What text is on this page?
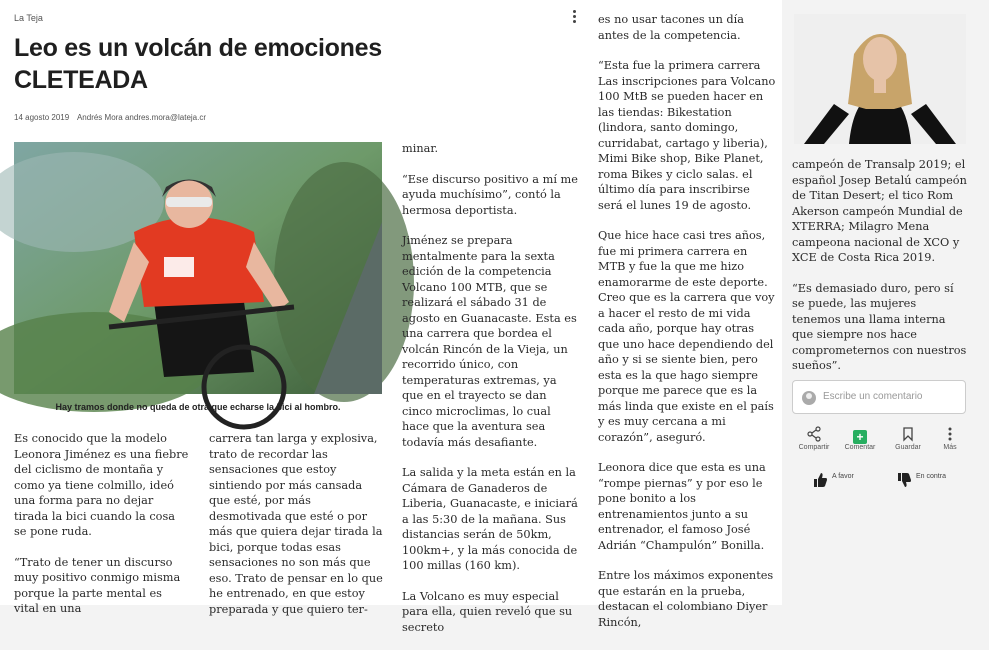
La Teja
Leo es un volcán de emociones CLETEADA
14 agosto 2019 Andrés Mora andres.mora@lateja.cr
Hay tramos donde no queda de otra que echarse la bici al hombro.

Es conocido que la modelo Leonora Jiménez es una fiebre del ciclismo de montaña y como ya tiene colmillo, ideó una forma para no dejar tirada la bici cuando la cosa se pone ruda.

“Trato de tener un discurso muy positivo conmigo misma porque la parte mental es vital en una

carrera tan larga y explosiva, trato de recordar las sensaciones que estoy sintiendo por más cansada que esté, por más desmotivada que esté o por más que quiera dejar tirada la bici, porque todas esas sensaciones no son más que eso. Trato de pensar en lo que he entrenado, en que estoy preparada y que quiero ter-

minar.

“Ese discurso positivo a mí me ayuda muchísimo”, contó la hermosa deportista.

Jiménez se prepara mentalmente para la sexta edición de la competencia Volcano 100 MTB, que se realizará el sábado 31 de agosto en Guanacaste. Esta es una carrera que bordea el volcán Rincón de la Vieja, un recorrido único, con temperaturas extremas, ya que en el trayecto se dan cinco microclimas, lo cual hace que la aventura sea todavía más desafiante.

La salida y la meta están en la Cámara de Ganaderos de Liberia, Guanacaste, e iniciará a las 5:30 de la mañana. Sus distancias serán de 50km, 100km+, y la más conocida de 100 millas (160 km).

La Volcano es muy especial para ella, quien reveló que su secreto

es no usar tacones un día antes de la competencia.

“Esta fue la primera carrera Las inscripciones para Volcano 100 MtB se pueden hacer en las tiendas: Bikestation (lindora, santo domingo, curridabat, cartago y liberia), Mimi Bike shop, Bike Planet, roma Bikes y ciclo salas. el último día para inscribirse será el lunes 19 de agosto.

Que hice hace casi tres años, fue mi primera carrera en MTB y fue la que me hizo enamorarme de este deporte. Creo que es la carrera que voy a hacer el resto de mi vida cada año, porque hay otras que uno hace dependiendo del año y si se siente bien, pero esta es la que hago siempre porque me parece que es la más linda que existe en el país y es muy cercana a mi corazón”, aseguró.

Leonora dice que esta es una “rompe piernas” y por eso le pone bonito a los entrenamientos junto a su entrenador, el famoso José Adrián “Champulón” Bonilla.

Entre los máximos exponentes que estarán en la prueba, destacan el colombiano Diyer Rincón,

campeón de Transalp 2019; el español Josep Betalú campeón de Titan Desert; el tico Rom Akerson campeón Mundial de XTERRA; Milagro Mena campeona nacional de XCO y XCE de Costa Rica 2019.

“Es demasiado duro, pero sí se puede, las mujeres tenemos una llama interna que siempre nos hace comprometernos con nuestros sueños”.

Escribe un comentario
Compartir
+
Comentar	Guardar	Más
A favor	En contra
